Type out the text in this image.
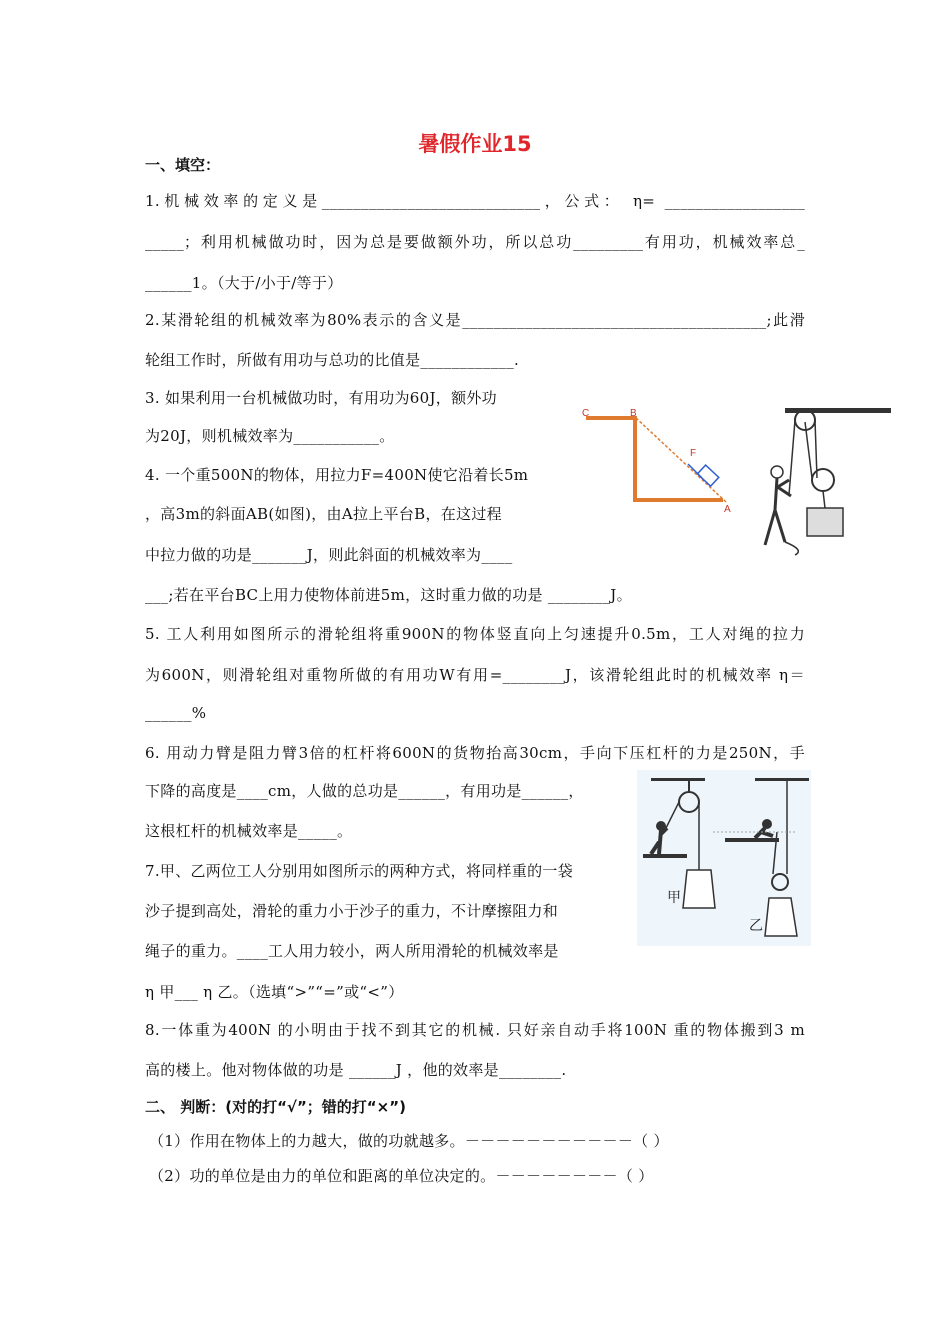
暑假作业15
一、填空：
1.机械效率的定义是____________________________，公式： η= __________________
_____；利用机械做功时，因为总是要做额外功，所以总功_________有用功，机械效率总_
______1。（大于/小于/等于）
2.某滑轮组的机械效率为80%表示的含义是_______________________________________;此滑
轮组工作时，所做有用功与总功的比值是____________.
3. 如果利用一台机械做功时，有用功为60J，额外功
为20J，则机械效率为___________。
4. 一个重500N的物体，用拉力F=400N使它沿着长5m
，高3m的斜面AB(如图)，由A拉上平台B，在这过程
中拉力做的功是_______J，则此斜面的机械效率为____
___;若在平台BC上用力使物体前进5m，这时重力做的功是 ________J。
5. 工人利用如图所示的滑轮组将重900N的物体竖直向上匀速提升0.5m，工人对绳的拉力
为600N，则滑轮组对重物所做的有用功W有用=________J，该滑轮组此时的机械效率 η＝
______%
6. 用动力臂是阻力臂3倍的杠杆将600N的货物抬高30cm，手向下压杠杆的力是250N，手
下降的高度是____cm，人做的总功是______，有用功是______，
这根杠杆的机械效率是_____。
7.甲、乙两位工人分别用如图所示的两种方式，将同样重的一袋
沙子提到高处，滑轮的重力小于沙子的重力，不计摩擦阻力和
绳子的重力。____工人用力较小，两人所用滑轮的机械效率是
η 甲___ η 乙。（选填“>”“=”或“<”）
8.一体重为400N 的小明由于找不到其它的机械. 只好亲自动手将100N 重的物体搬到3 m
高的楼上。他对物体做的功是 ______J ，他的效率是________.
二、 判断：(对的打“√”；错的打“×”)
（1）作用在物体上的力越大，做的功就越多。－－－－－－－－－－－（ ）
（2）功的单位是由力的单位和距离的单位决定的。－－－－－－－－（ ）
C	B
F
A
甲
乙
